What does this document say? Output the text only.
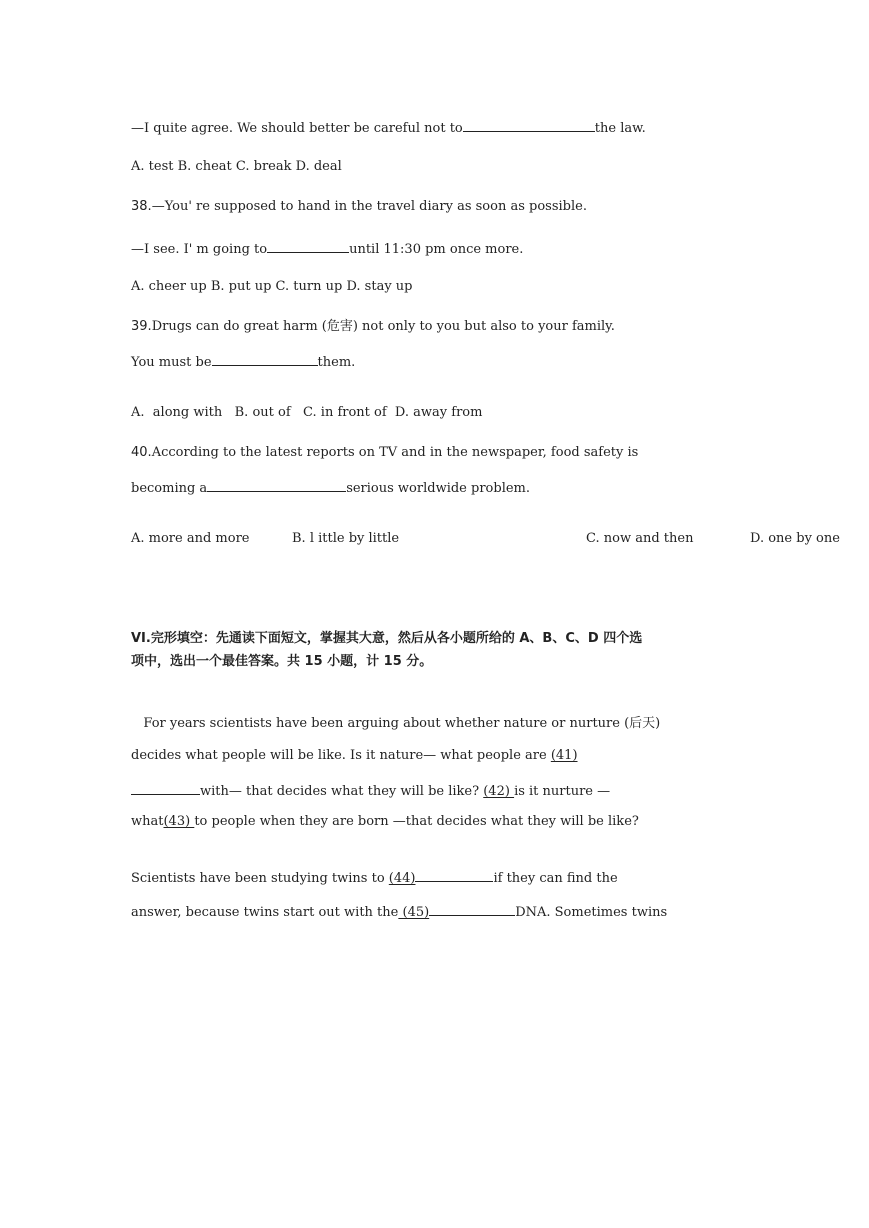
—I quite agree. We should better be careful not to	the law.
A. test B. cheat C. break D. deal
38.—You' re supposed to hand in the travel diary as soon as possible.
—I see. I' m going to	until 11:30 pm once more.
A. cheer up B. put up C. turn up D. stay up
39.Drugs can do great harm (危害) not only to you but also to your family.
You must be	them.
A.  along with   B. out of   C. in front of  D. away from
40.According to the latest reports on TV and in the newspaper, food safety is
becoming a	serious worldwide problem.
A. more and more	B. l ittle by little	C. now and then	D. one by one
VI.完形填空：先通读下面短文，掌握其大意，然后从各小题所给的 A、B、C、D 四个选
项中，选出一个最佳答案。共 15 小题，计 15 分。
For years scientists have been arguing about whether nature or nurture (后天)
decides what people will be like. Is it nature— what people are (41)
with— that decides what they will be like? (42) is it nurture —
what(43) to people when they are born —that decides what they will be like?
Scientists have been studying twins to (44)	if they can find the
answer, because twins start out with the (45)	DNA. Sometimes twins
